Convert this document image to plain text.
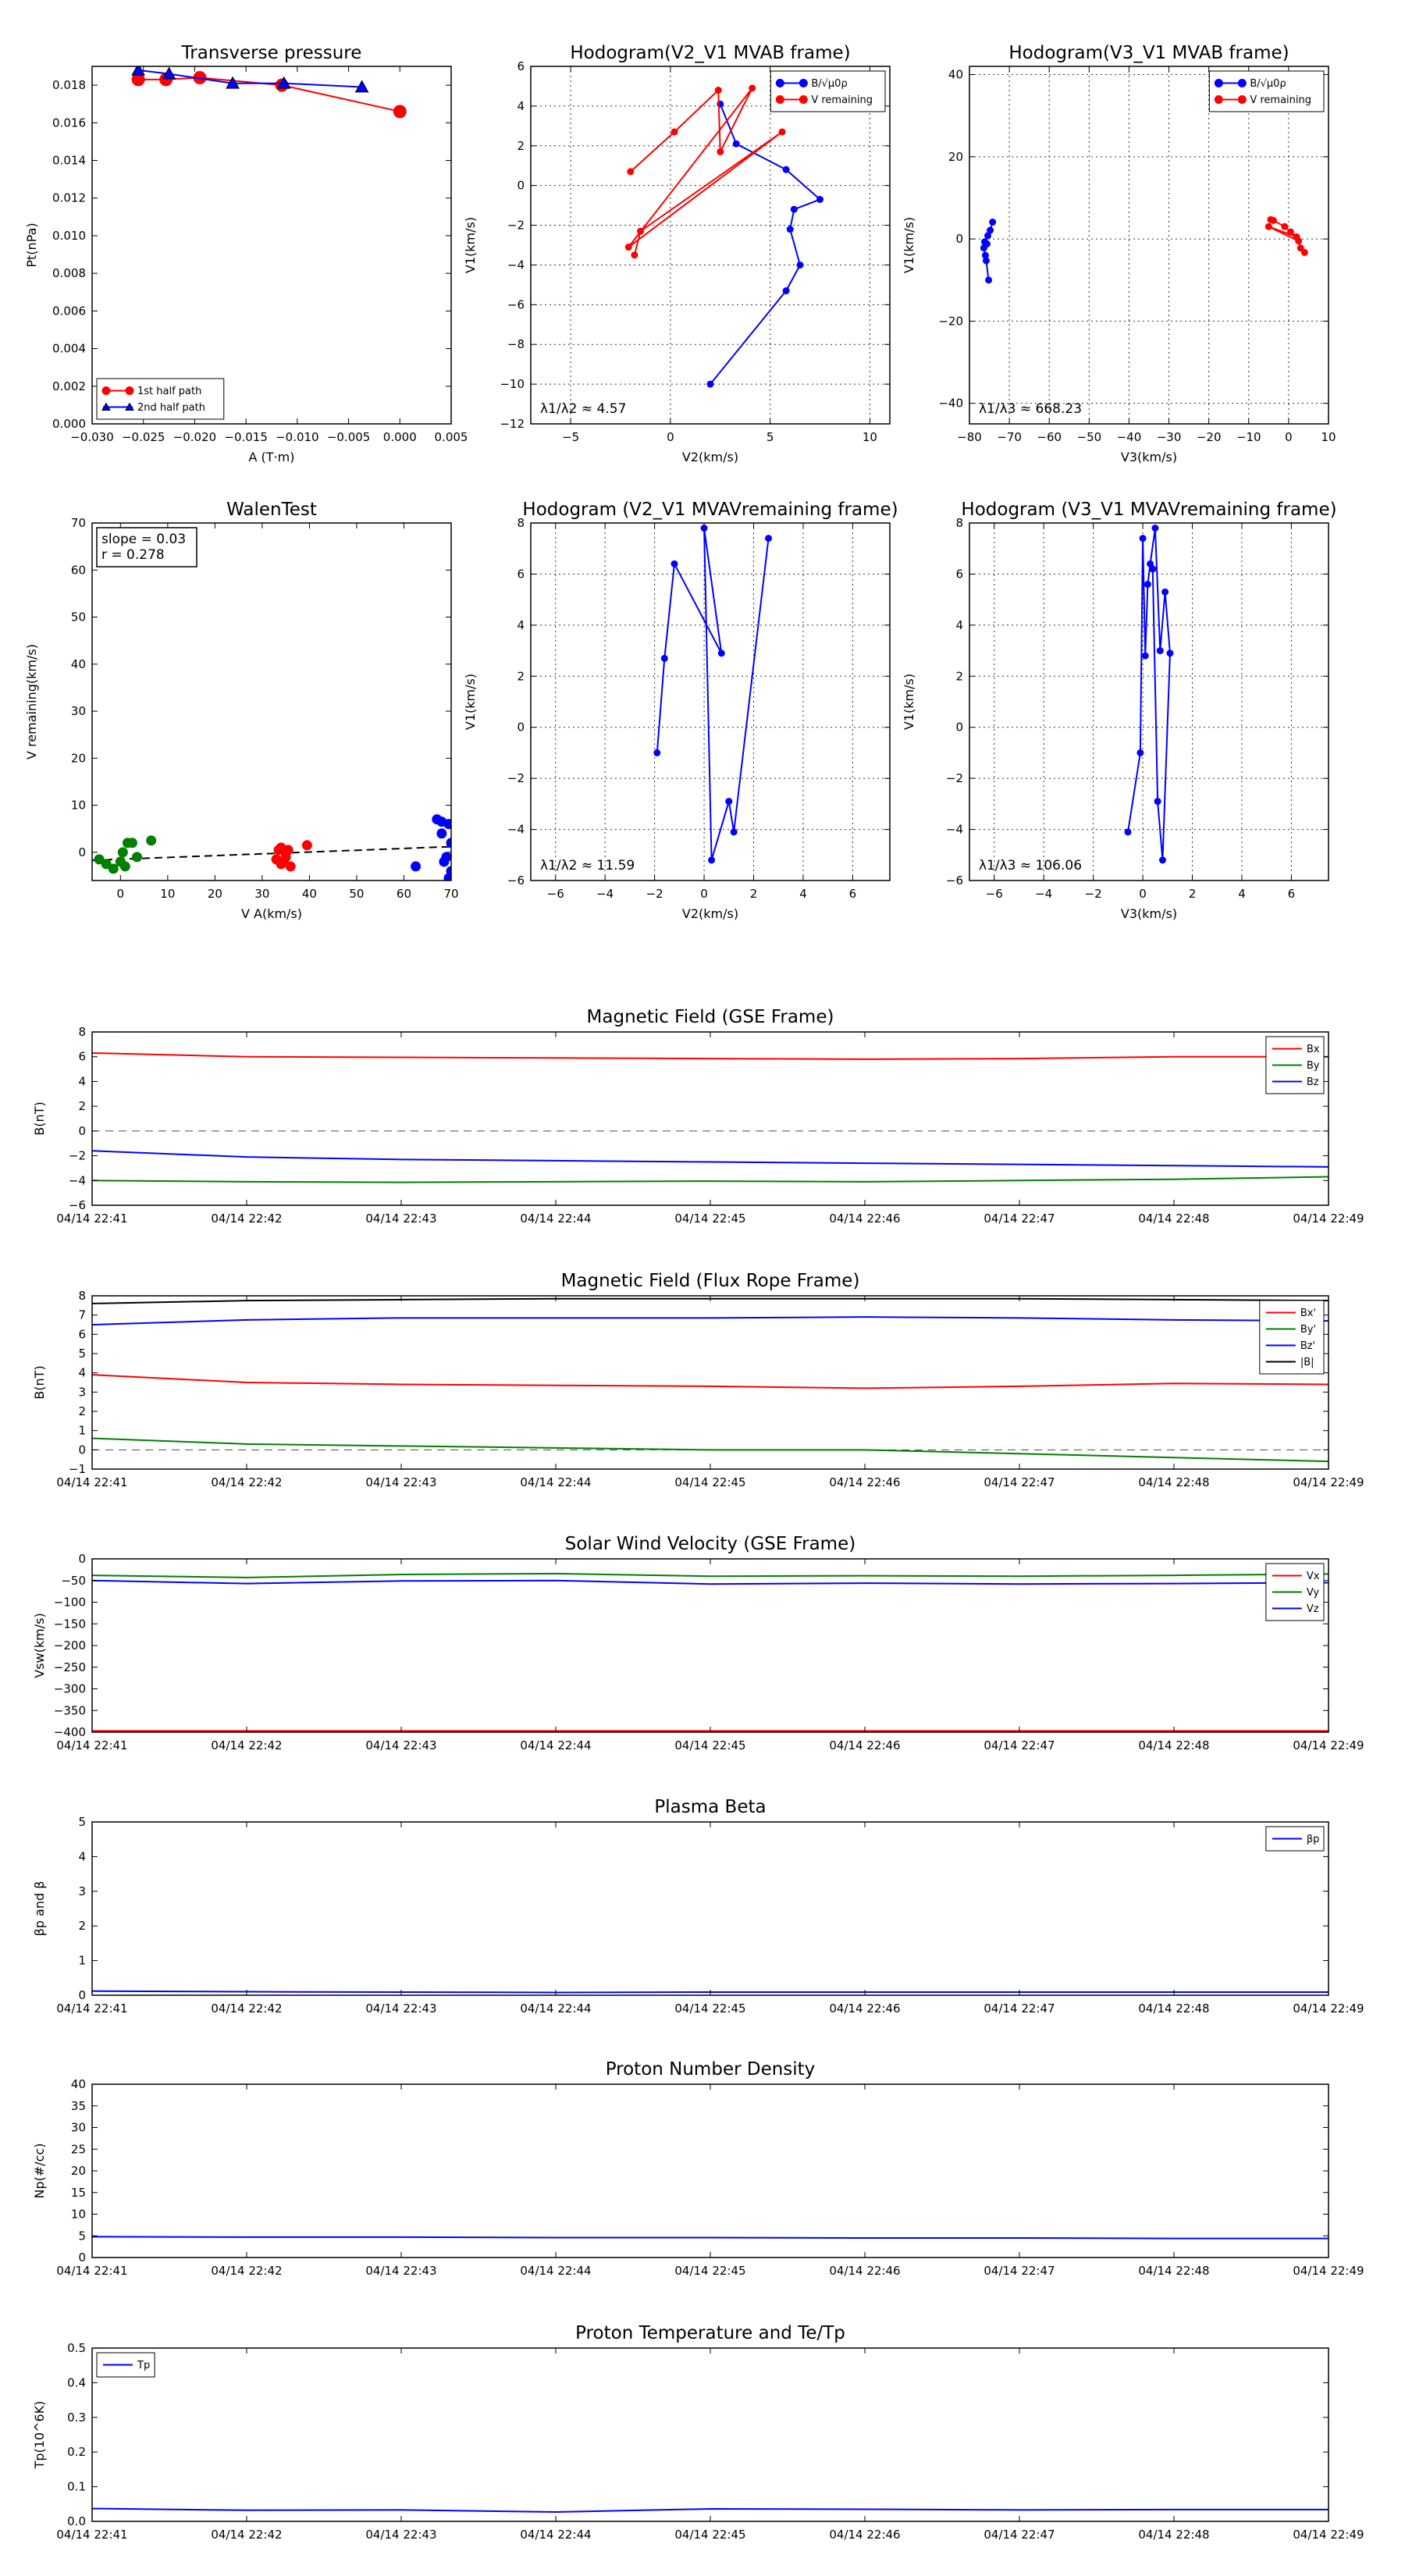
−0.030 −0.025 −0.020 −0.015 −0.010 −0.005 0.000 0.005
0.000
0.002
0.004
0.006
0.008
0.010
0.012
0.014
0.016
0.018
Transverse pressure
A (T·m)
Pt(nPa)
1st half path
2nd half path
−5	0	5	10
−12
−10
−8
−6
−4
−2
0
2
4
6
Hodogram(V2_V1 MVAB frame)
V2(km/s)
V1(km/s)
λ1/λ2 ≈ 4.57
B/√μ0ρ
V remaining
−80 −70 −60 −50 −40 −30 −20 −10 0 10
−40
−20
0
20
40
Hodogram(V3_V1 MVAB frame)
V3(km/s)
V1(km/s)
λ1/λ3 ≈ 668.23
B/√μ0ρ
V remaining
0	10	20	30	40	50	60	70
0
10
20
30
40
50
60
70
WalenTest
V A(km/s)
V remaining(km/s)
slope = 0.03
r = 0.278
−6	−4	−2	0	2	4	6
−6
−4
−2
0
2
4
6
8
Hodogram (V2_V1 MVAVremaining frame)
V2(km/s)
V1(km/s)
λ1/λ2 ≈ 11.59
−6	−4	−2	0	2	4	6
−6
−4
−2
0
2
4
6
8
Hodogram (V3_V1 MVAVremaining frame)
V3(km/s)
V1(km/s)
λ1/λ3 ≈ 106.06
04/14 22:41	04/14 22:42	04/14 22:43	04/14 22:44	04/14 22:45	04/14 22:46	04/14 22:47	04/14 22:48	04/14 22:49
−6
−4
−2
0
2
4
6
8
Magnetic Field (GSE Frame)
B(nT)
Bx
By
Bz
04/14 22:41	04/14 22:42	04/14 22:43	04/14 22:44	04/14 22:45	04/14 22:46	04/14 22:47	04/14 22:48	04/14 22:49
−1
0
1
2
3
4
5
6
7
8
Magnetic Field (Flux Rope Frame)
B(nT)
Bx'
By'
Bz'
|B|
04/14 22:41	04/14 22:42	04/14 22:43	04/14 22:44	04/14 22:45	04/14 22:46	04/14 22:47	04/14 22:48	04/14 22:49
−400
−350
−300
−250
−200
−150
−100
−50
0
Solar Wind Velocity (GSE Frame)
Vsw(km/s)
Vx
Vy
Vz
04/14 22:41	04/14 22:42	04/14 22:43	04/14 22:44	04/14 22:45	04/14 22:46	04/14 22:47	04/14 22:48	04/14 22:49
0
1
2
3
4
5
Plasma Beta
βp and β
βp
04/14 22:41	04/14 22:42	04/14 22:43	04/14 22:44	04/14 22:45	04/14 22:46	04/14 22:47	04/14 22:48	04/14 22:49
0
5
10
15
20
25
30
35
40
Proton Number Density
Np(#/cc)
04/14 22:41	04/14 22:42	04/14 22:43	04/14 22:44	04/14 22:45	04/14 22:46	04/14 22:47	04/14 22:48	04/14 22:49
0.0
0.1
0.2
0.3
0.4
0.5
Proton Temperature and Te/Tp
Tp(10^6K)
Tp
